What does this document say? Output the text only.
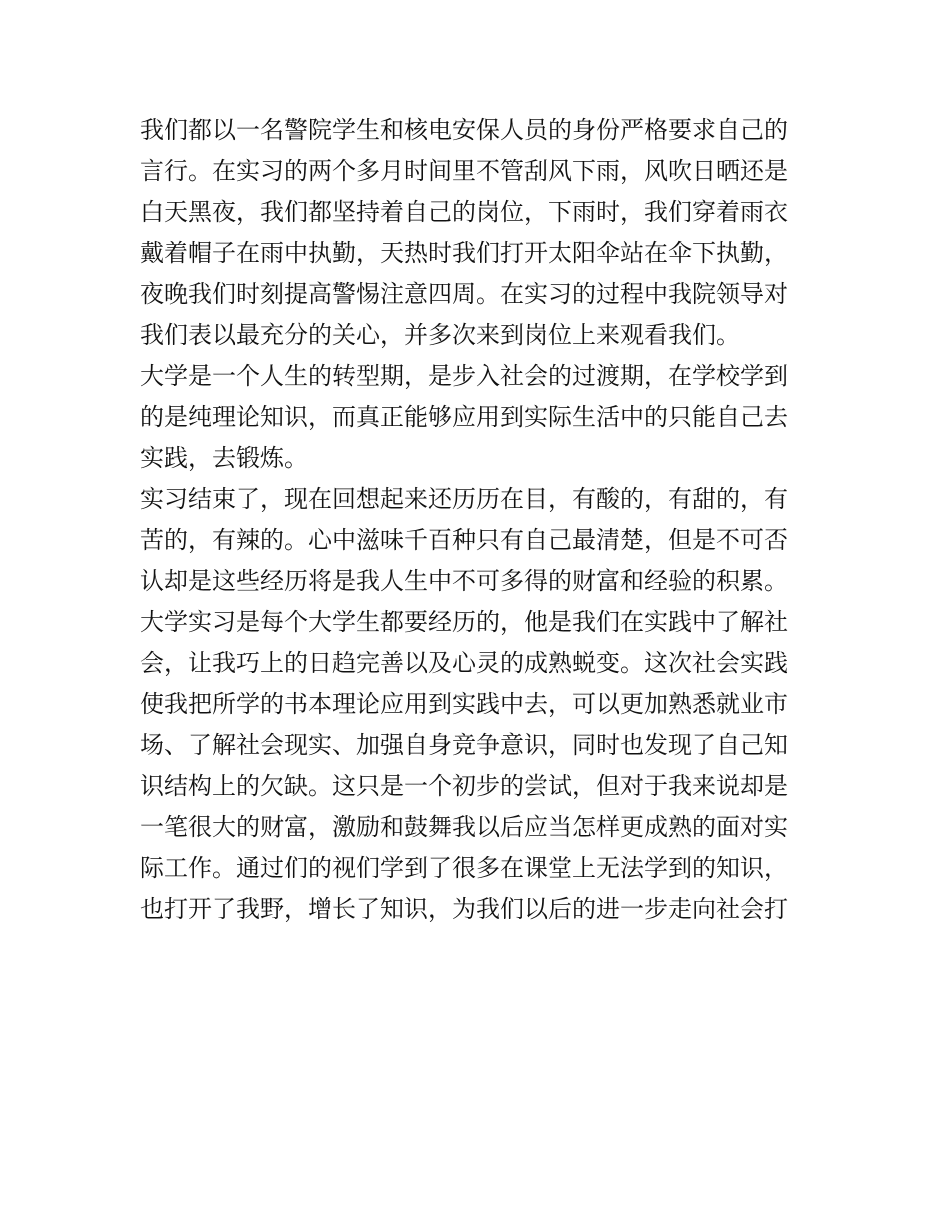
我们都以一名警院学生和核电安保人员的身份严格要求自己的
言行。在实习的两个多月时间里不管刮风下雨，风吹日晒还是
白天黑夜，我们都坚持着自己的岗位，下雨时，我们穿着雨衣
戴着帽子在雨中执勤，天热时我们打开太阳伞站在伞下执勤，
夜晚我们时刻提高警惕注意四周。在实习的过程中我院领导对
我们表以最充分的关心，并多次来到岗位上来观看我们。
大学是一个人生的转型期，是步入社会的过渡期，在学校学到
的是纯理论知识，而真正能够应用到实际生活中的只能自己去
实践，去锻炼。
实习结束了，现在回想起来还历历在目，有酸的，有甜的，有
苦的，有辣的。心中滋味千百种只有自己最清楚，但是不可否
认却是这些经历将是我人生中不可多得的财富和经验的积累。
大学实习是每个大学生都要经历的，他是我们在实践中了解社
会，让我巧上的日趋完善以及心灵的成熟蜕变。这次社会实践
使我把所学的书本理论应用到实践中去，可以更加熟悉就业市
场、了解社会现实、加强自身竞争意识，同时也发现了自己知
识结构上的欠缺。这只是一个初步的尝试，但对于我来说却是
一笔很大的财富，激励和鼓舞我以后应当怎样更成熟的面对实
际工作。通过们的视们学到了很多在课堂上无法学到的知识，
也打开了我野，增长了知识，为我们以后的进一步走向社会打
